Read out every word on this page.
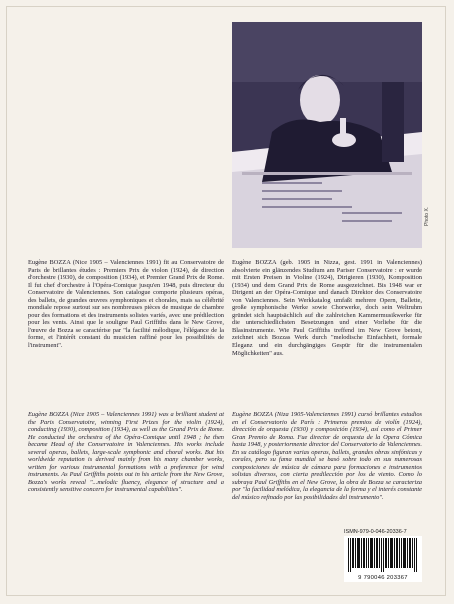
Photo X.

Eugène BOZZA (Nice 1905 – Valenciennes 1991) fit au Conservatoire de Paris de brillantes études : Premiers Prix de violon (1924), de direction d'orchestre (1930), de composition (1934), et Premier Grand Prix de Rome. Il fut chef d'orchestre à l'Opéra-Comique jusqu'en 1948, puis directeur du Conservatoire de Valenciennes. Son catalogue comporte plusieurs opéras, des ballets, de grandes œuvres symphoniques et chorales, mais sa célébrité mondiale repose surtout sur ses nombreuses pièces de musique de chambre pour des formations et des instruments solistes variés, avec une prédilection pour les vents. Ainsi que le souligne Paul Griffiths dans le New Grove, l'œuvre de Bozza se caractérise par "la facilité mélodique, l'élégance de la forme, et l'intérêt constant du musicien raffiné pour les possibilités de l'instrument".

Eugène BOZZA (geb. 1905 in Nizza, gest. 1991 in Valenciennes) absolvierte ein glänzendes Studium am Pariser Conservatoire : er wurde mit Ersten Preisen in Violine (1924), Dirigieren (1930), Komposition (1934) und dem Grand Prix de Rome ausgezeichnet. Bis 1948 war er Dirigent an der Opéra-Comique und danach Direktor des Conservatoire von Valenciennes. Sein Werkkatalog umfaßt mehrere Opern, Ballette, große symphonische Werke sowie Chorwerke, doch sein Weltruhm gründet sich hauptsächlich auf die zahlreichen Kammermusikwerke für die unterschiedlichsten Besetzungen und einer Vorliebe für die Blasinstrumente. Wie Paul Griffiths treffend im New Grove betont, zeichnet sich Bozzas Werk durch "melodische Einfachheit, formale Eleganz und ein durchgängiges Gespür für die instrumentalen Möglichkeiten" aus.

Eugène BOZZA (Nice 1905 – Valenciennes 1991) was a brilliant student at the Paris Conservatoire, winning First Prizes for the violin (1924), conducting (1930), composition (1934), as well as the Grand Prix de Rome. He conducted the orchestra of the Opéra-Comique until 1948 ; he then became Head of the Conservatoire in Valenciennes. His works include several operas, ballets, large-scale symphonic and choral works. But his worldwide reputation is derived mainly from his many chamber works, written for various instrumental formations with a preference for wind instruments. As Paul Griffiths points out in his article from the New Grove, Bozza's works reveal "...melodic fluency, elegance of structure and a consistently sensitive concern for instrumental capabilities".

Eugène BOZZA (Niza 1905-Valenciennes 1991) cursó brillantes estudios en el Conservatorio de París : Primeros premios de violín (1924), dirección de orquesta (1930) y composición (1934), así como el Primer Gran Premio de Roma. Fue director de orquesta de la Opera Cómica hasta 1948, y posteriormente director del Conservatorio de Valenciennes. En su catálogo figuran varias operas, ballets, grandes obras sinfónicas y corales, pero su fama mundial se basó sobre todo en sus numerosas composiciones de música de cámara para formaciones e instrumentos solistas diversos, con cierta predilección por los de viento. Como lo subraya Paul Griffiths en el New Grove, la obra de Bozza se caracteriza por "la facilidad melódica, la elegancia de la forma y el interés constante del músico refinado por las posibilidades del instrumento".

ISMN-979-0-046-20336-7
9 790046 203367
